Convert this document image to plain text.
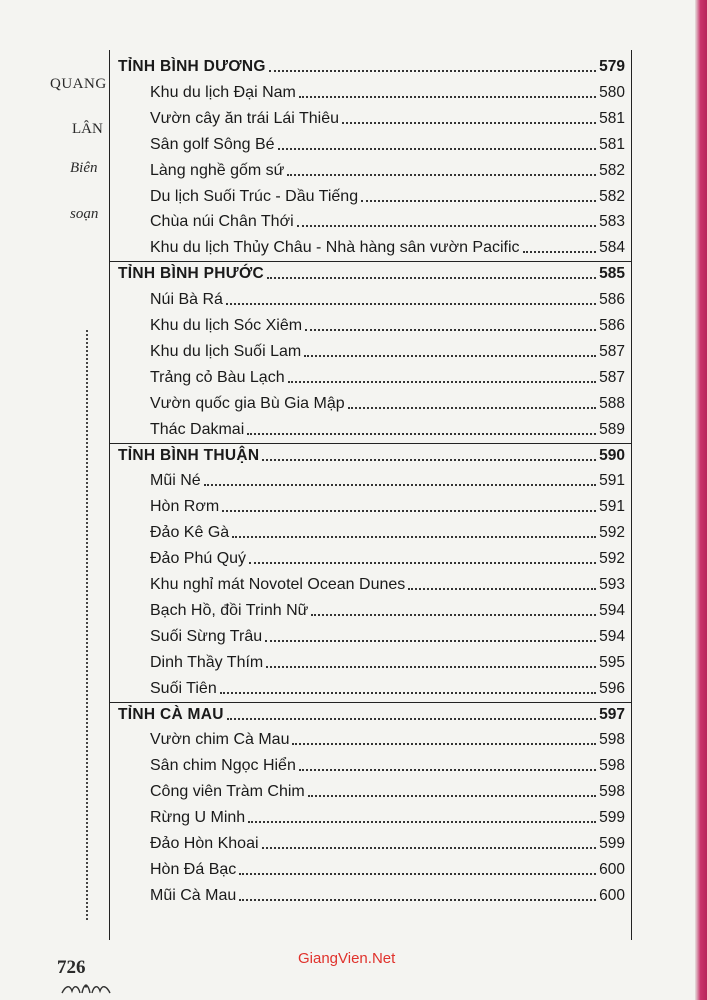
QUANG
LÂN
Biên
soạn
TỈNH BÌNH DƯƠNG	579
Khu du lịch Đại Nam	580
Vườn cây ăn trái Lái Thiêu	581
Sân golf Sông Bé	581
Làng nghề gốm sứ	582
Du lịch Suối Trúc - Dầu Tiếng	582
Chùa núi Chân Thới	583
Khu du lịch Thủy Châu - Nhà hàng sân vườn Pacific	584
TỈNH BÌNH PHƯỚC	585
Núi Bà Rá	586
Khu du lịch Sóc Xiêm	586
Khu du lịch Suối Lam	587
Trảng cỏ Bàu Lạch	587
Vườn quốc gia Bù Gia Mập	588
Thác Dakmai	589
TỈNH BÌNH THUẬN	590
Mũi Né	591
Hòn Rơm	591
Đảo Kê Gà	592
Đảo Phú Quý	592
Khu nghỉ mát Novotel Ocean Dunes	593
Bạch Hồ, đồi Trinh Nữ	594
Suối Sừng Trâu	594
Dinh Thầy Thím	595
Suối Tiên	596
TỈNH CÀ MAU	597
Vườn chim Cà Mau	598
Sân chim Ngọc Hiển	598
Công viên Tràm Chim	598
Rừng U Minh	599
Đảo Hòn Khoai	599
Hòn Đá Bạc	600
Mũi Cà Mau	600
726	GiangVien.Net
